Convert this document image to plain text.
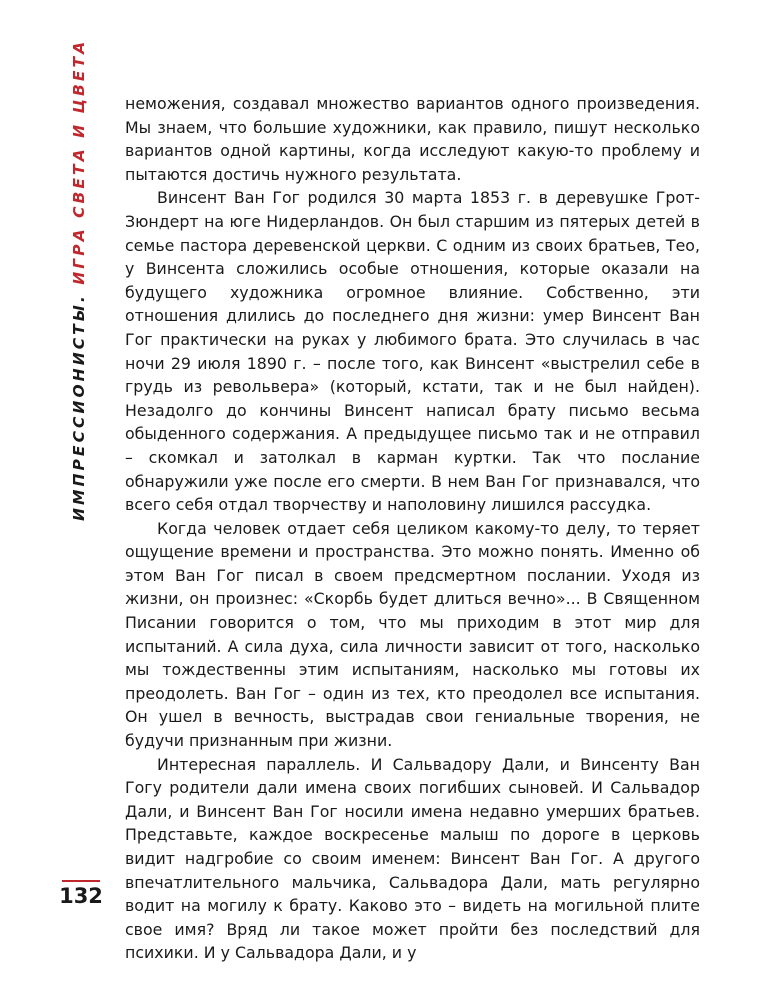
ИМПРЕССИОНИСТЫ. ИГРА СВЕТА И ЦВЕТА
132

неможения, создавал множество вариантов одного произведения. Мы знаем, что большие художники, как правило, пишут несколько вариантов одной картины, когда исследуют какую-то проблему и пытаются достичь нужного результата.

Винсент Ван Гог родился 30 марта 1853 г. в деревушке Грот-Зюндерт на юге Нидерландов. Он был старшим из пятерых детей в семье пастора деревенской церкви. С одним из своих братьев, Тео, у Винсента сложились особые отношения, которые оказали на будущего художника огромное влияние. Собственно, эти отношения длились до последнего дня жизни: умер Винсент Ван Гог практически на руках у любимого брата. Это случилась в час ночи 29 июля 1890 г. – после того, как Винсент «выстрелил себе в грудь из револьвера» (который, кстати, так и не был найден). Незадолго до кончины Винсент написал брату письмо весьма обыденного содержания. А предыдущее письмо так и не отправил – скомкал и затолкал в карман куртки. Так что послание обнаружили уже после его смерти. В нем Ван Гог признавался, что всего себя отдал творчеству и наполовину лишился рассудка.

Когда человек отдает себя целиком какому-то делу, то теряет ощущение времени и пространства. Это можно понять. Именно об этом Ван Гог писал в своем предсмертном послании. Уходя из жизни, он произнес: «Скорбь будет длиться вечно»... В Священном Писании говорится о том, что мы приходим в этот мир для испытаний. А сила духа, сила личности зависит от того, насколько мы тождественны этим испытаниям, насколько мы готовы их преодолеть. Ван Гог – один из тех, кто преодолел все испытания. Он ушел в вечность, выстрадав свои гениальные творения, не будучи признанным при жизни.

Интересная параллель. И Сальвадору Дали, и Винсенту Ван Гогу родители дали имена своих погибших сыновей. И Сальвадор Дали, и Винсент Ван Гог носили имена недавно умерших братьев. Представьте, каждое воскресенье малыш по дороге в церковь видит надгробие со своим именем: Винсент Ван Гог. А другого впечатлительного мальчика, Сальвадора Дали, мать регулярно водит на могилу к брату. Каково это – видеть на могильной плите свое имя? Вряд ли такое может пройти без последствий для психики. И у Сальвадора Дали, и у
